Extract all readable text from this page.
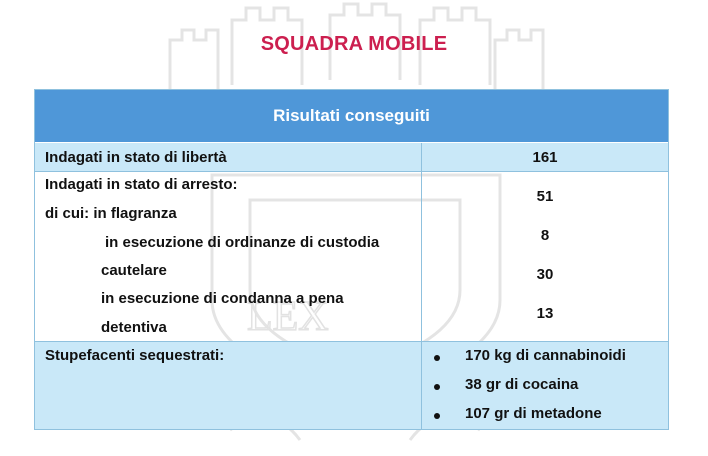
LEX
SQUADRA MOBILE
Risultati conseguiti
Indagati in stato di libertà	161
Indagati in stato di arresto:
di cui: in flagranza
in esecuzione di ordinanze di custodia
cautelare
in esecuzione di condanna a pena
detentiva
51
8
30
13
Stupefacenti sequestrati:	170 kg di cannabinoidi
38 gr di cocaina
107 gr di metadone
